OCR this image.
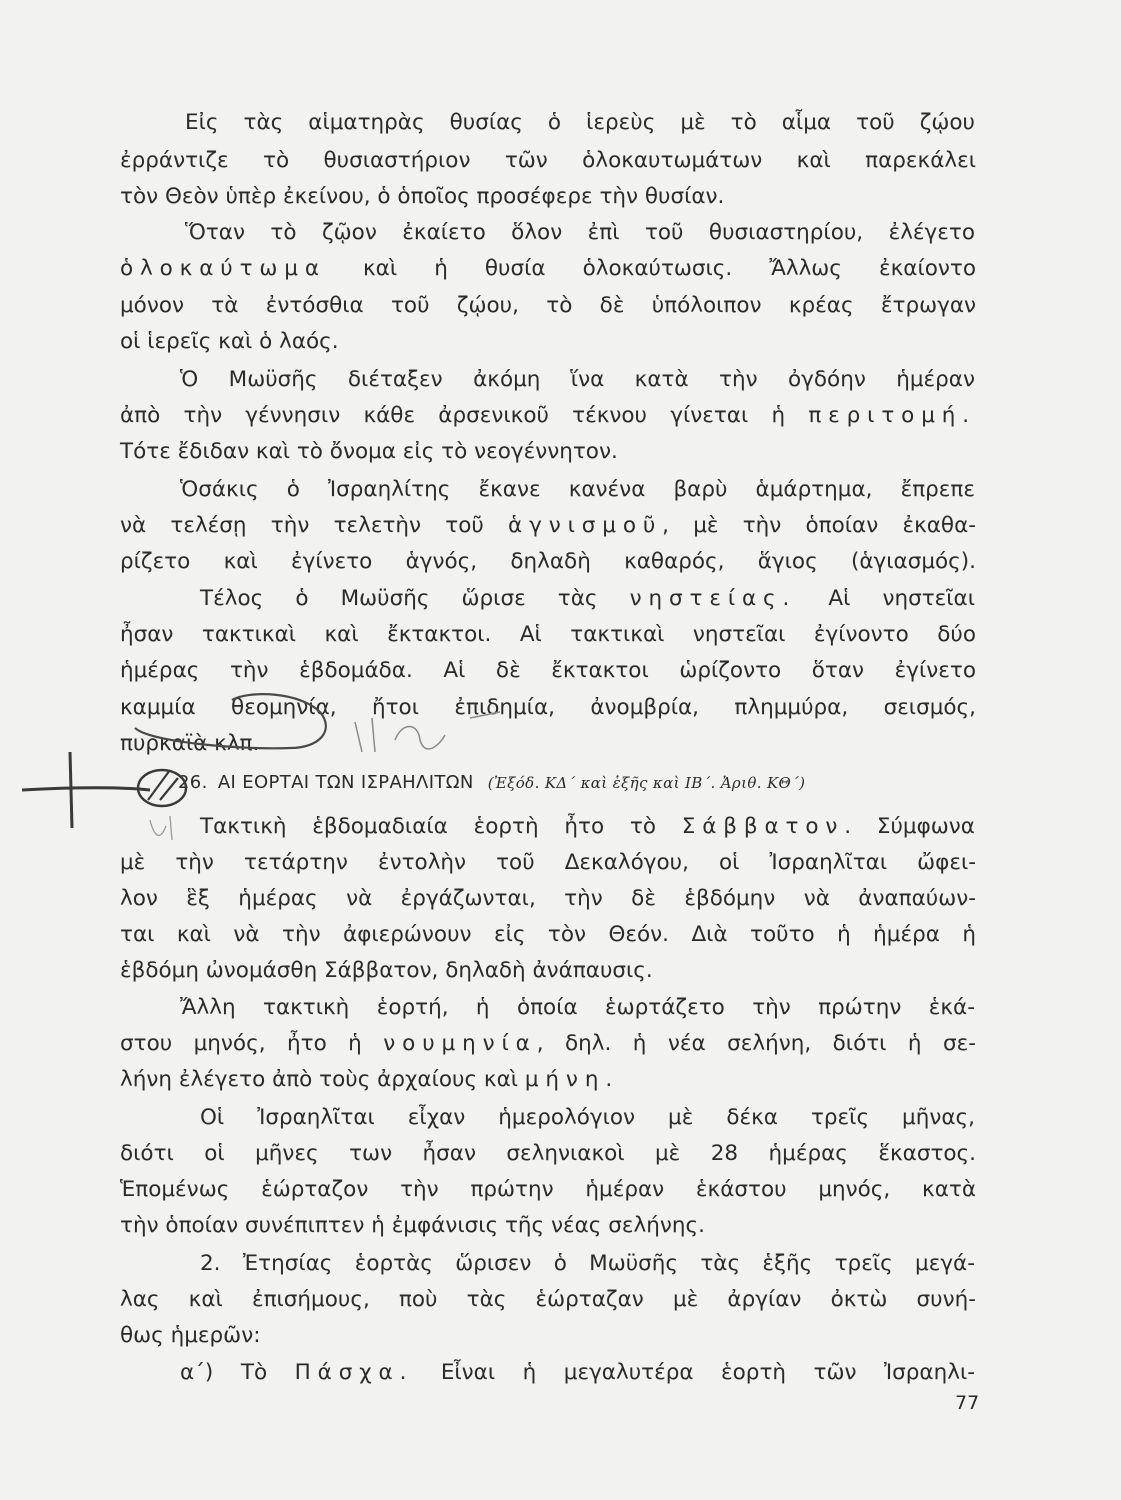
Εἰς τὰς αἱματηρὰς θυσίας ὁ ἱερεὺς μὲ τὸ αἷμα τοῦ ζῴου
ἐρράντιζε τὸ θυσιαστήριον τῶν ὁλοκαυτωμάτων καὶ παρεκάλει
τὸν Θεὸν ὑπὲρ ἐκείνου, ὁ ὁποῖος προσέφερε τὴν θυσίαν.
Ὅταν τὸ ζῷον ἐκαίετο ὅλον ἐπὶ τοῦ θυσιαστηρίου, ἐλέγετο
ὁλοκαύτωμα καὶ ἡ θυσία ὁλοκαύτωσις. Ἄλλως ἐκαίοντο
μόνον τὰ ἐντόσθια τοῦ ζῴου, τὸ δὲ ὑπόλοιπον κρέας ἔτρωγαν
οἱ ἱερεῖς καὶ ὁ λαός.
Ὁ Μωϋσῆς διέταξεν ἀκόμη ἵνα κατὰ τὴν ὀγδόην ἡμέραν
ἀπὸ τὴν γέννησιν κάθε ἀρσενικοῦ τέκνου γίνεται ἡ περιτομή.
Τότε ἔδιδαν καὶ τὸ ὄνομα εἰς τὸ νεογέννητον.
Ὁσάκις ὁ Ἰσραηλίτης ἔκανε κανένα βαρὺ ἁμάρτημα, ἔπρεπε
νὰ τελέσῃ τὴν τελετὴν τοῦ ἁγνισμοῦ, μὲ τὴν ὁποίαν ἐκαθα-
ρίζετο καὶ ἐγίνετο ἁγνός, δηλαδὴ καθαρός, ἅγιος (ἁγιασμός).
Τέλος ὁ Μωϋσῆς ὥρισε τὰς νηστείας. Αἱ νηστεῖαι
ἦσαν τακτικαὶ καὶ ἔκτακτοι. Αἱ τακτικαὶ νηστεῖαι ἐγίνοντο δύο
ἡμέρας τὴν ἑβδομάδα. Αἱ δὲ ἔκτακτοι ὡρίζοντο ὅταν ἐγίνετο
καμμία θεομηνία, ἤτοι ἐπιδημία, ἀνομβρία, πλημμύρα, σεισμός,
πυρκαϊὰ κλπ.
26. ΑΙ ΕΟΡΤΑΙ ΤΩΝ ΙΣΡΑΗΛΙΤΩΝ (Ἐξόδ. ΚΔ΄ καὶ ἑξῆς καὶ ΙΒ΄. Ἀριθ. ΚΘ΄)
Τακτικὴ ἑβδομαδιαία ἑορτὴ ἦτο τὸ Σάββατον. Σύμφωνα
μὲ τὴν τετάρτην ἐντολὴν τοῦ Δεκαλόγου, οἱ Ἰσραηλῖται ὤφει-
λον ἓξ ἡμέρας νὰ ἐργάζωνται, τὴν δὲ ἑβδόμην νὰ ἀναπαύων-
ται καὶ νὰ τὴν ἀφιερώνουν εἰς τὸν Θεόν. Διὰ τοῦτο ἡ ἡμέρα ἡ
ἑβδόμη ὠνομάσθη Σάββατον, δηλαδὴ ἀνάπαυσις.
Ἄλλη τακτικὴ ἑορτή, ἡ ὁποία ἑωρτάζετο τὴν πρώτην ἑκά-
στου μηνός, ἦτο ἡ νουμηνία, δηλ. ἡ νέα σελήνη, διότι ἡ σε-
λήνη ἐλέγετο ἀπὸ τοὺς ἀρχαίους καὶ μήνη.
Οἱ Ἰσραηλῖται εἶχαν ἡμερολόγιον μὲ δέκα τρεῖς μῆνας,
διότι οἱ μῆνες των ἦσαν σεληνιακοὶ μὲ 28 ἡμέρας ἕκαστος.
Ἑπομένως ἑώρταζον τὴν πρώτην ἡμέραν ἑκάστου μηνός, κατὰ
τὴν ὁποίαν συνέπιπτεν ἡ ἐμφάνισις τῆς νέας σελήνης.
2. Ἐτησίας ἑορτὰς ὥρισεν ὁ Μωϋσῆς τὰς ἑξῆς τρεῖς μεγά-
λας καὶ ἐπισήμους, ποὺ τὰς ἑώρταζαν μὲ ἀργίαν ὀκτὼ συνή-
θως ἡμερῶν:
α΄) Τὸ Πάσχα. Εἶναι ἡ μεγαλυτέρα ἑορτὴ τῶν Ἰσραηλι-
77
